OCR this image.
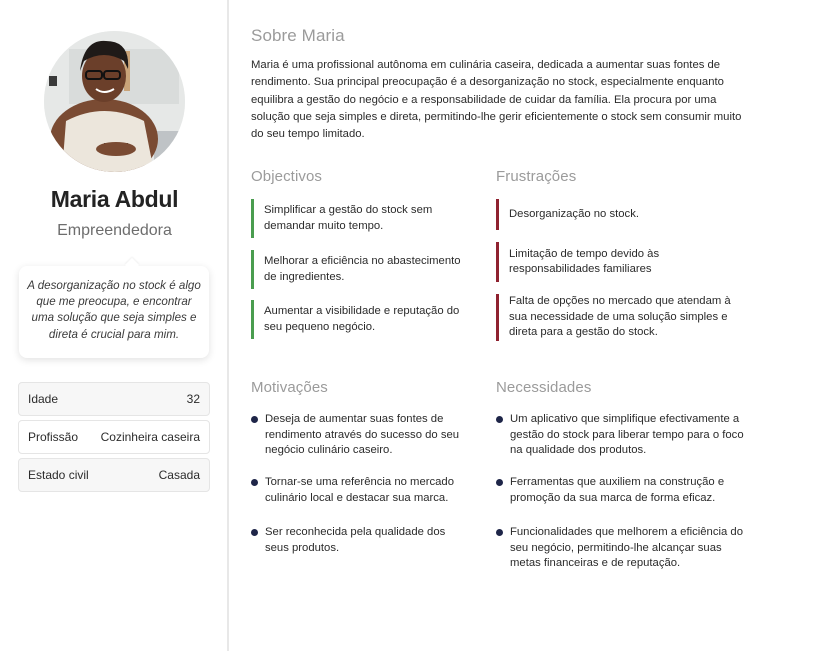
Maria Abdul
Empreendedora
A desorganização no stock é algo que me preocupa, e encontrar uma solução que seja simples e direta é crucial para mim.
Idade	32
Profissão Cozinheira caseira
Estado civil	Casada
Sobre Maria

Maria é uma profissional autônoma em culinária caseira, dedicada a aumentar suas fontes de rendimento. Sua principal preocupação é a desorganização no stock, especialmente enquanto equilibra a gestão do negócio e a responsabilidade de cuidar da família. Ela procura por uma solução que seja simples e direta, permitindo-lhe gerir eficientemente o stock sem consumir muito do seu tempo limitado.

Objectivos
Simplificar a gestão do stock sem demandar muito tempo.
Melhorar a eficiência no abastecimento de ingredientes.
Aumentar a visibilidade e reputação do seu pequeno negócio.
Frustrações
Desorganização no stock.
Limitação de tempo devido às responsabilidades familiares
Falta de opções no mercado que atendam à sua necessidade de uma solução simples e direta para a gestão do stock.
Motivações
Deseja de aumentar suas fontes de rendimento através do sucesso do seu negócio culinário caseiro.
Tornar-se uma referência no mercado culinário local e destacar sua marca.
Ser reconhecida pela qualidade dos seus produtos.
Necessidades
Um aplicativo que simplifique efectivamente a gestão do stock para liberar tempo para o foco na qualidade dos produtos.
Ferramentas que auxiliem na construção e promoção da sua marca de forma eficaz.
Funcionalidades que melhorem a eficiência do seu negócio, permitindo-lhe alcançar suas metas financeiras e de reputação.
